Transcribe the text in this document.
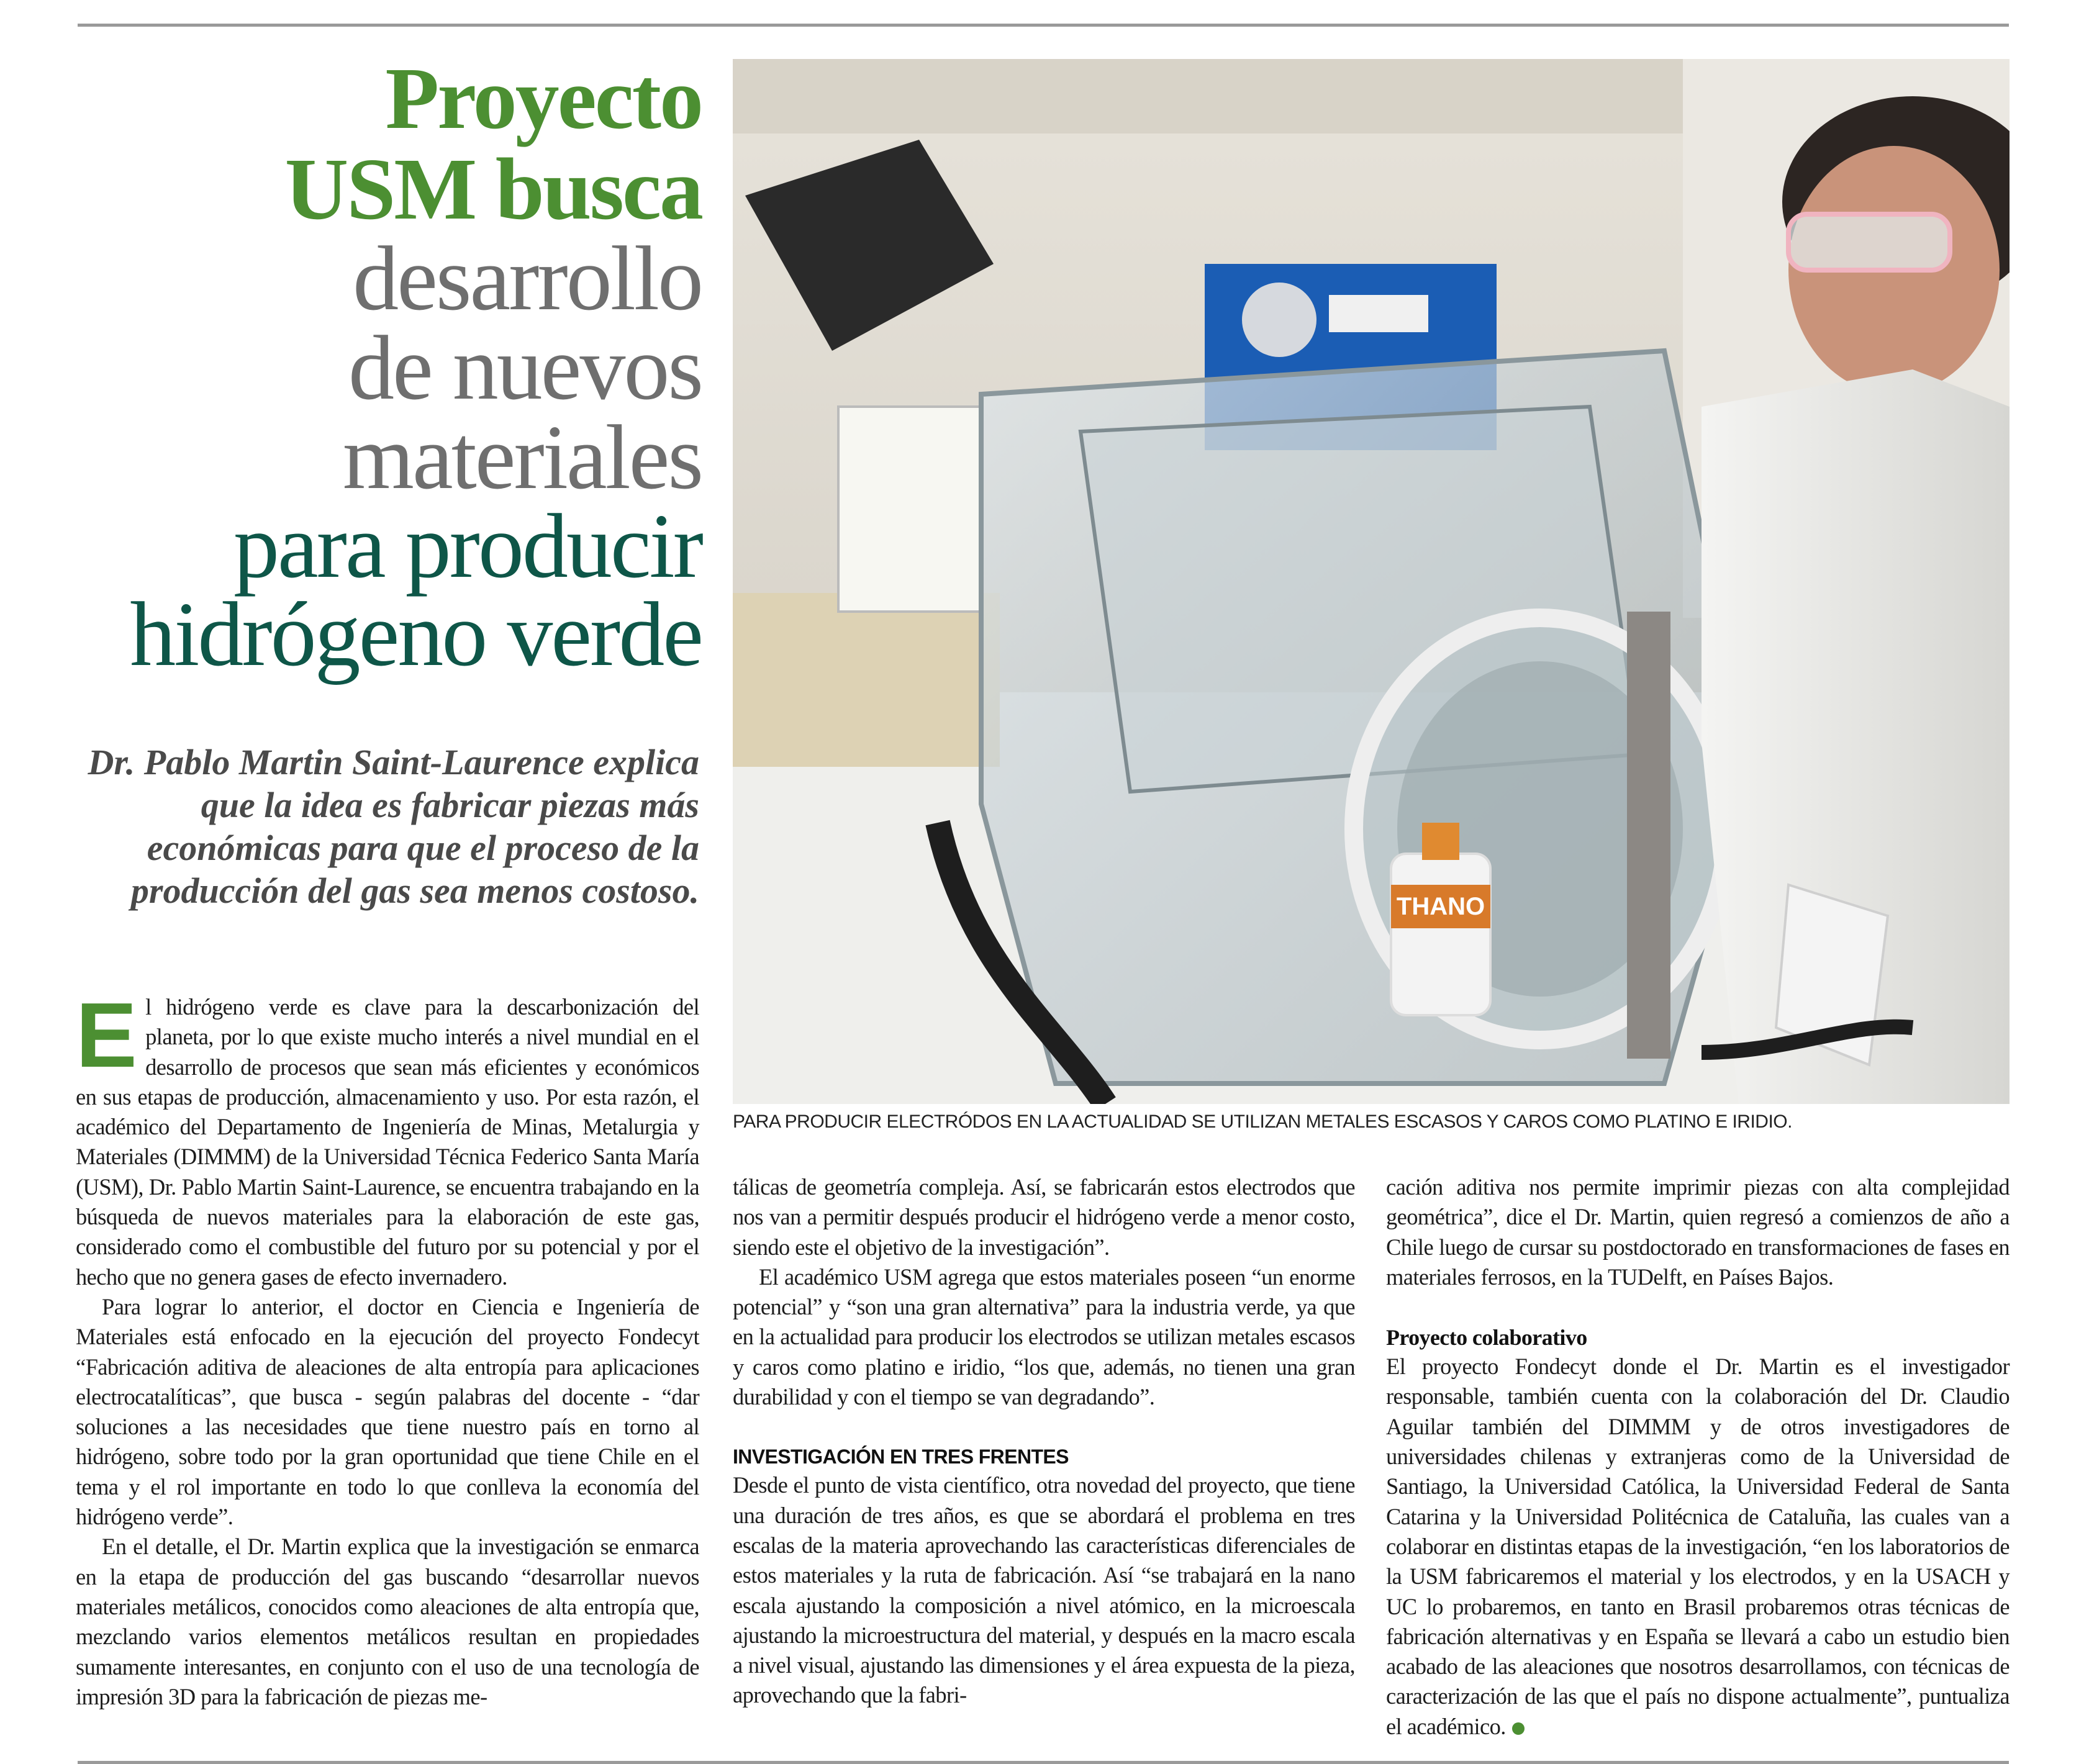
Proyecto
USM busca
desarrollo
de nuevos
materiales
para producir
hidrógeno verde
Dr. Pablo Martin Saint-Laurence explica que la idea es fabricar piezas más económicas para que el proceso de la producción del gas sea menos costoso.	THANO
PARA PRODUCIR ELECTRÓDOS EN LA ACTUALIDAD SE UTILIZAN METALES ESCASOS Y CAROS COMO PLATINO E IRIDIO.

El hidrógeno verde es clave para la descarbonización del planeta, por lo que existe mucho interés a nivel mundial en el desarrollo de procesos que sean más eficientes y económicos en sus etapas de producción, almacenamiento y uso. Por esta razón, el académico del Departamento de Ingeniería de Minas, Metalurgia y Materiales (DIMMM) de la Universidad Técnica Federico Santa María (USM), Dr. Pablo Martin Saint-Laurence, se encuentra trabajando en la búsqueda de nuevos materiales para la elaboración de este gas, considerado como el combustible del futuro por su potencial y por el hecho que no genera gases de efecto invernadero.

Para lograr lo anterior, el doctor en Ciencia e Ingeniería de Materiales está enfocado en la ejecución del proyecto Fondecyt “Fabricación aditiva de aleaciones de alta entropía para aplicaciones electrocatalíticas”, que busca - según palabras del docente - “dar soluciones a las necesidades que tiene nuestro país en torno al hidrógeno, sobre todo por la gran oportunidad que tiene Chile en el tema y el rol importante en todo lo que conlleva la economía del hidrógeno verde”.

En el detalle, el Dr. Martin explica que la investigación se enmarca en la etapa de producción del gas buscando “desarrollar nuevos materiales metálicos, conocidos como aleaciones de alta entropía que, mezclando varios elementos metálicos resultan en propiedades sumamente interesantes, en conjunto con el uso de una tecnología de impresión 3D para la fabricación de piezas me-

tálicas de geometría compleja. Así, se fabricarán estos electrodos que nos van a permitir después producir el hidrógeno verde a menor costo, siendo este el objetivo de la investigación”.

El académico USM agrega que estos materiales poseen “un enorme potencial” y “son una gran alternativa” para la industria verde, ya que en la actualidad para producir los electrodos se utilizan metales escasos y caros como platino e iridio, “los que, además, no tienen una gran durabilidad y con el tiempo se van degradando”.

INVESTIGACIÓN EN TRES FRENTES

Desde el punto de vista científico, otra novedad del proyecto, que tiene una duración de tres años, es que se abordará el problema en tres escalas de la materia aprovechando las características diferenciales de estos materiales y la ruta de fabricación. Así “se trabajará en la nano escala ajustando la composición a nivel atómico, en la microescala ajustando la microestructura del material, y después en la macro escala a nivel visual, ajustando las dimensiones y el área expuesta de la pieza, aprovechando que la fabri-

cación aditiva nos permite imprimir piezas con alta complejidad geométrica”, dice el Dr. Martin, quien regresó a comienzos de año a Chile luego de cursar su postdoctorado en transformaciones de fases en materiales ferrosos, en la TUDelft, en Países Bajos.

Proyecto colaborativo

El proyecto Fondecyt donde el Dr. Martin es el investigador responsable, también cuenta con la colaboración del Dr. Claudio Aguilar también del DIMMM y de otros investigadores de universidades chilenas y extranjeras como de la Universidad de Santiago, la Universidad Católica, la Universidad Federal de Santa Catarina y la Universidad Politécnica de Cataluña, las cuales van a colaborar en distintas etapas de la investigación, “en los laboratorios de la USM fabricaremos el material y los electrodos, y en la USACH y UC lo probaremos, en tanto en Brasil probaremos otras técnicas de fabricación alternativas y en España se llevará a cabo un estudio bien acabado de las aleaciones que nosotros desarrollamos, con técnicas de caracterización de las que el país no dispone actualmente”, puntualiza el académico.
